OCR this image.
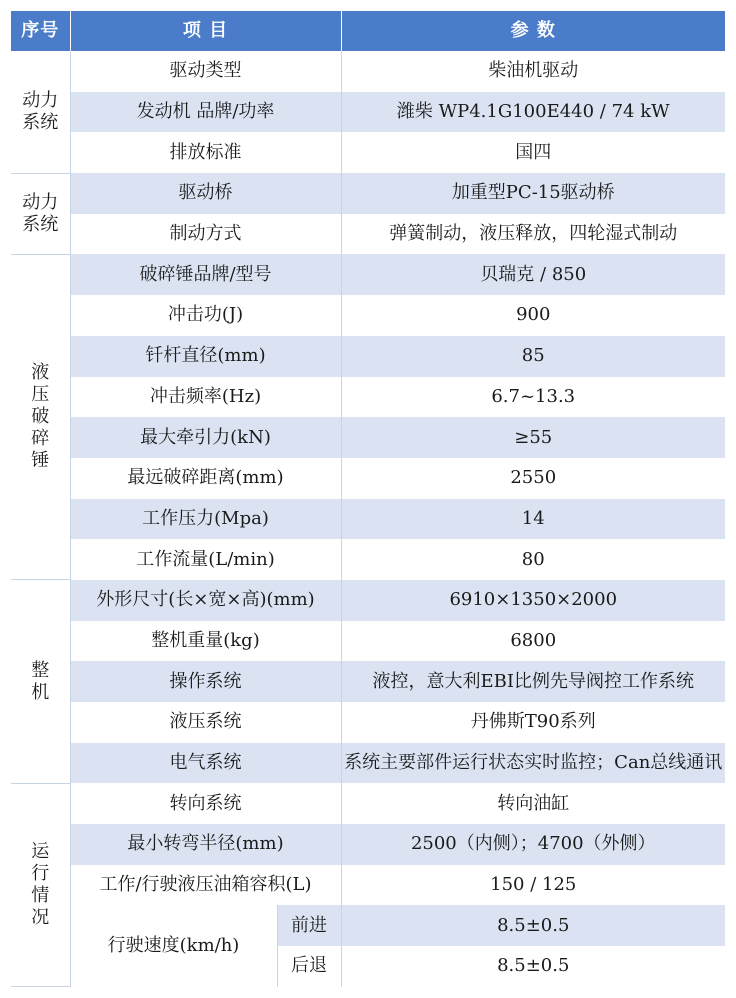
序号	项 目		参 数
动力系统	驱动类型		柴油机驱动
	发动机 品牌/功率		潍柴 WP4.1G100E440 / 74 kW
	排放标准		国四
动力系统	驱动桥		加重型PC-15驱动桥
	制动方式		弹簧制动，液压释放，四轮湿式制动
液压破碎锤	破碎锤品牌/型号		贝瑞克 / 850
	冲击功(J)		900
	钎杆直径(mm)		85
	冲击频率(Hz)		6.7~13.3
	最大牵引力(kN)		≥55
	最远破碎距离(mm)		2550
	工作压力(Mpa)		14
	工作流量(L/min)		80
整机	外形尺寸(长×宽×高)(mm)		6910×1350×2000
	整机重量(kg)		6800
	操作系统		液控，意大利EBI比例先导阀控工作系统
	液压系统		丹佛斯T90系列
	电气系统		系统主要部件运行状态实时监控；Can总线通讯
运行情况	转向系统		转向油缸
	最小转弯半径(mm)		2500（内侧）；4700（外侧）
	工作/行驶液压油箱容积(L)		150 / 125
	行驶速度(km/h)	前进	8.5±0.5
		后退	8.5±0.5
